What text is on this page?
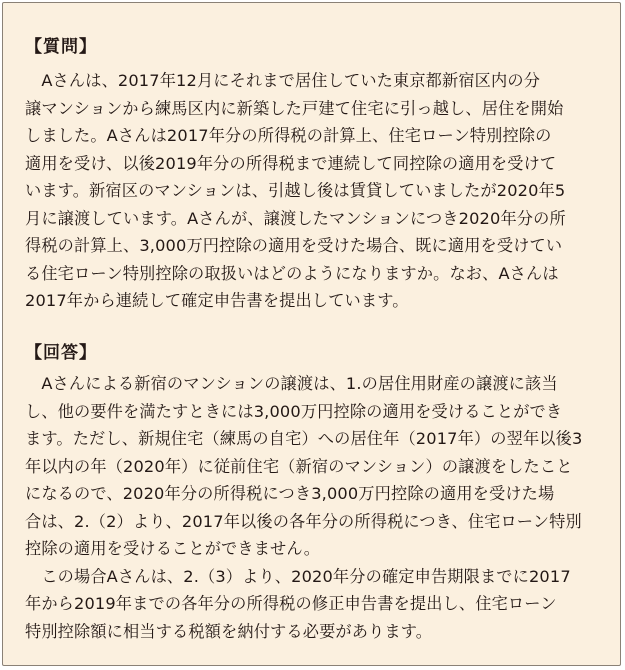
【質問】

　Aさんは、2017年12月にそれまで居住していた東京都新宿区内の分
譲マンションから練馬区内に新築した戸建て住宅に引っ越し、居住を開始
しました。Aさんは2017年分の所得税の計算上、住宅ローン特別控除の
適用を受け、以後2019年分の所得税まで連続して同控除の適用を受けて
います。新宿区のマンションは、引越し後は賃貸していましたが2020年5
月に譲渡しています。Aさんが、譲渡したマンションにつき2020年分の所
得税の計算上、3,000万円控除の適用を受けた場合、既に適用を受けてい
る住宅ローン特別控除の取扱いはどのようになりますか。なお、Aさんは
2017年から連続して確定申告書を提出しています。

【回答】

　Aさんによる新宿のマンションの譲渡は、1.の居住用財産の譲渡に該当
し、他の要件を満たすときには3,000万円控除の適用を受けることができ
ます。ただし、新規住宅（練馬の自宅）への居住年（2017年）の翌年以後3
年以内の年（2020年）に従前住宅（新宿のマンション）の譲渡をしたこと
になるので、2020年分の所得税につき3,000万円控除の適用を受けた場
合は、2.（2）より、2017年以後の各年分の所得税につき、住宅ローン特別
控除の適用を受けることができません。
　この場合Aさんは、2.（3）より、2020年分の確定申告期限までに2017
年から2019年までの各年分の所得税の修正申告書を提出し、住宅ローン
特別控除額に相当する税額を納付する必要があります。
